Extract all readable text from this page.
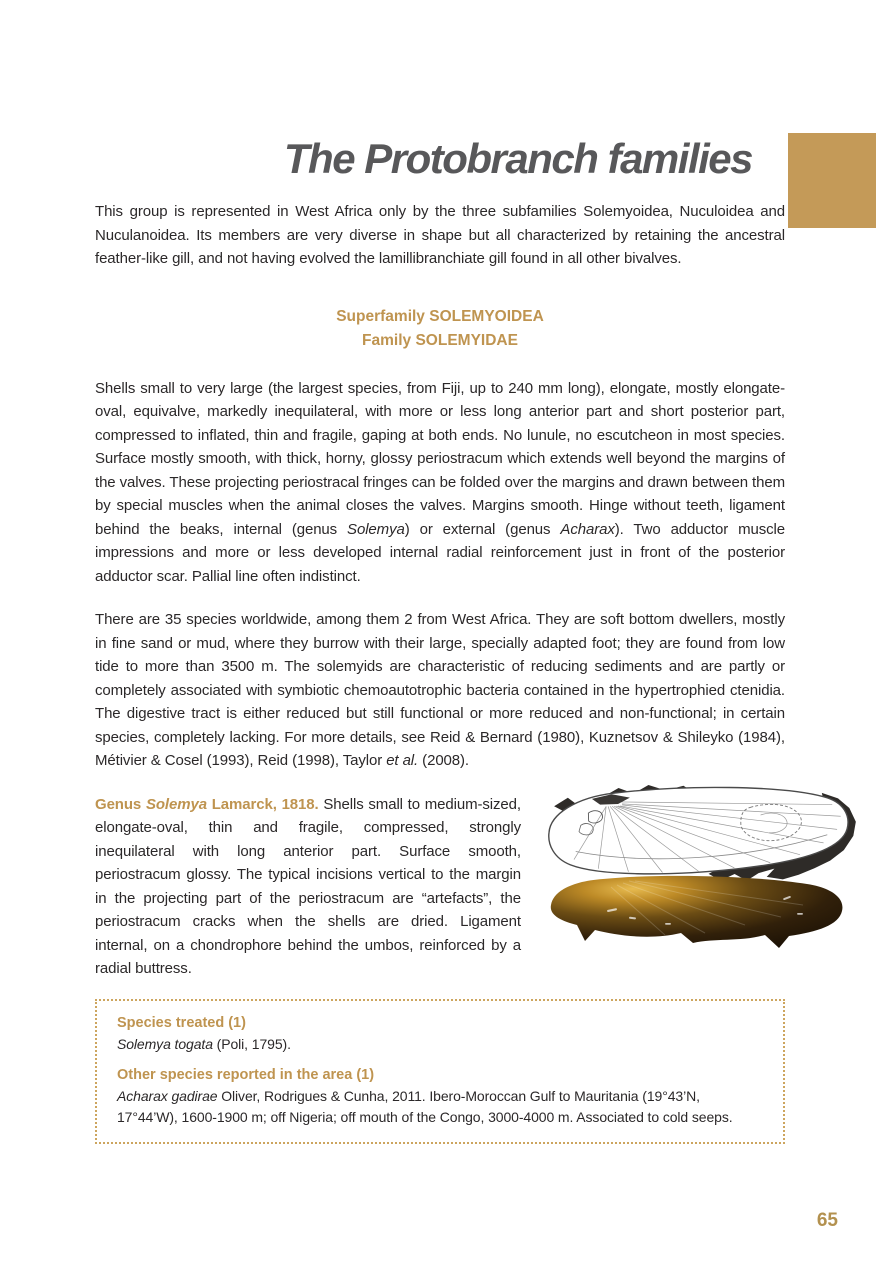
The Protobranch families
This group is represented in West Africa only by the three subfamilies Solemyoidea, Nuculoidea and Nuculanoidea. Its members are very diverse in shape but all characterized by retaining the ancestral feather-like gill, and not having evolved the lamillibranchiate gill found in all other bivalves.
Superfamily SOLEMYOIDEA
Family SOLEMYIDAE
Shells small to very large (the largest species, from Fiji, up to 240 mm long), elongate, mostly elongate-oval, equivalve, markedly inequilateral, with more or less long anterior part and short posterior part, compressed to inflated, thin and fragile, gaping at both ends. No lunule, no escutcheon in most species. Surface mostly smooth, with thick, horny, glossy periostracum which extends well beyond the margins of the valves. These projecting periostracal fringes can be folded over the margins and drawn between them by special muscles when the animal closes the valves. Margins smooth. Hinge without teeth, ligament behind the beaks, internal (genus Solemya) or external (genus Acharax). Two adductor muscle impressions and more or less developed internal radial reinforcement just in front of the posterior adductor scar. Pallial line often indistinct.
There are 35 species worldwide, among them 2 from West Africa. They are soft bottom dwellers, mostly in fine sand or mud, where they burrow with their large, specially adapted foot; they are found from low tide to more than 3500 m. The solemyids are characteristic of reducing sediments and are partly or completely associated with symbiotic chemoautotrophic bacteria contained in the hypertrophied ctenidia. The digestive tract is either reduced but still functional or more reduced and non-functional; in certain species, completely lacking. For more details, see Reid & Bernard (1980), Kuznetsov & Shileyko (1984), Métivier & Cosel (1993), Reid (1998), Taylor et al. (2008).
Genus Solemya Lamarck, 1818. Shells small to medium-sized, elongate-oval, thin and fragile, compressed, strongly inequilateral with long anterior part. Surface smooth, periostracum glossy. The typical incisions vertical to the margin in the projecting part of the periostracum are “artefacts”, the periostracum cracks when the shells are dried. Ligament internal, on a chondrophore behind the umbos, reinforced by a radial buttress.
Species treated (1)
Solemya togata (Poli, 1795).
Other species reported in the area (1)
Acharax gadirae Oliver, Rodrigues & Cunha, 2011. Ibero-Moroccan Gulf to Mauritania (19°43’N, 17°44’W), 1600-1900 m; off Nigeria; off mouth of the Congo, 3000-4000 m. Associated to cold seeps.
65
